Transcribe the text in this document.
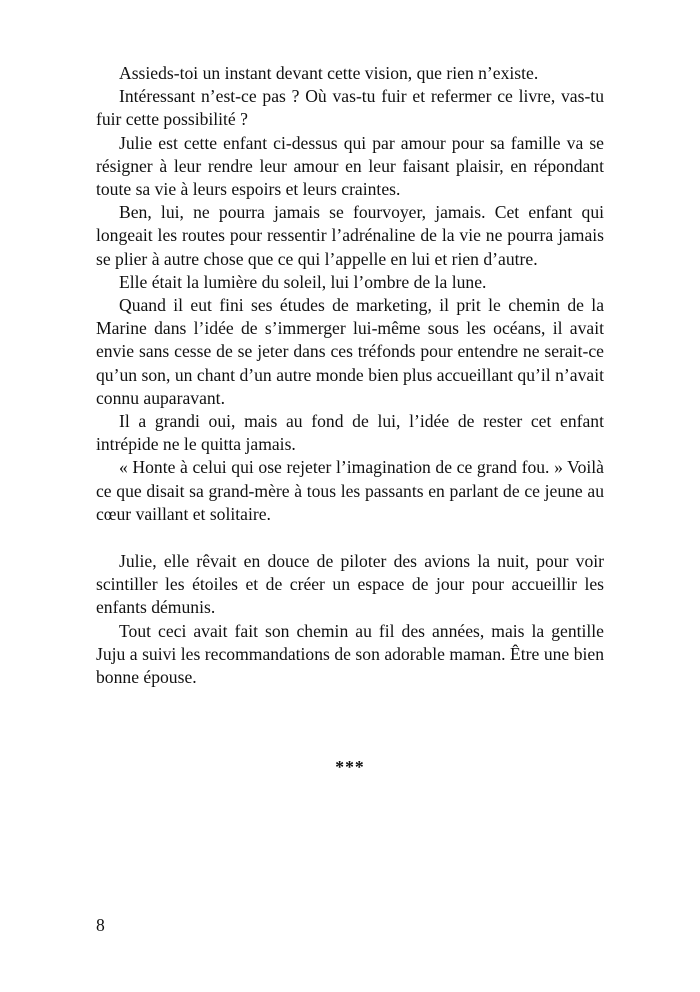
Assieds-toi un instant devant cette vision, que rien n’existe.

Intéressant n’est-ce pas ? Où vas-tu fuir et refermer ce livre, vas-tu fuir cette possibilité ?

Julie est cette enfant ci-dessus qui par amour pour sa famille va se résigner à leur rendre leur amour en leur faisant plaisir, en répondant toute sa vie à leurs espoirs et leurs craintes.

Ben, lui, ne pourra jamais se fourvoyer, jamais. Cet enfant qui longeait les routes pour ressentir l’adrénaline de la vie ne pourra jamais se plier à autre chose que ce qui l’appelle en lui et rien d’autre.

Elle était la lumière du soleil, lui l’ombre de la lune.

Quand il eut fini ses études de marketing, il prit le chemin de la Marine dans l’idée de s’immerger lui-même sous les océans, il avait envie sans cesse de se jeter dans ces tréfonds pour entendre ne serait-ce qu’un son, un chant d’un autre monde bien plus accueillant qu’il n’avait connu auparavant.

Il a grandi oui, mais au fond de lui, l’idée de rester cet enfant intrépide ne le quitta jamais.

« Honte à celui qui ose rejeter l’imagination de ce grand fou. » Voilà ce que disait sa grand-mère à tous les passants en parlant de ce jeune au cœur vaillant et solitaire.

Julie, elle rêvait en douce de piloter des avions la nuit, pour voir scintiller les étoiles et de créer un espace de jour pour accueillir les enfants démunis.

Tout ceci avait fait son chemin au fil des années, mais la gentille Juju a suivi les recommandations de son adorable maman. Être une bien bonne épouse.

***
8
